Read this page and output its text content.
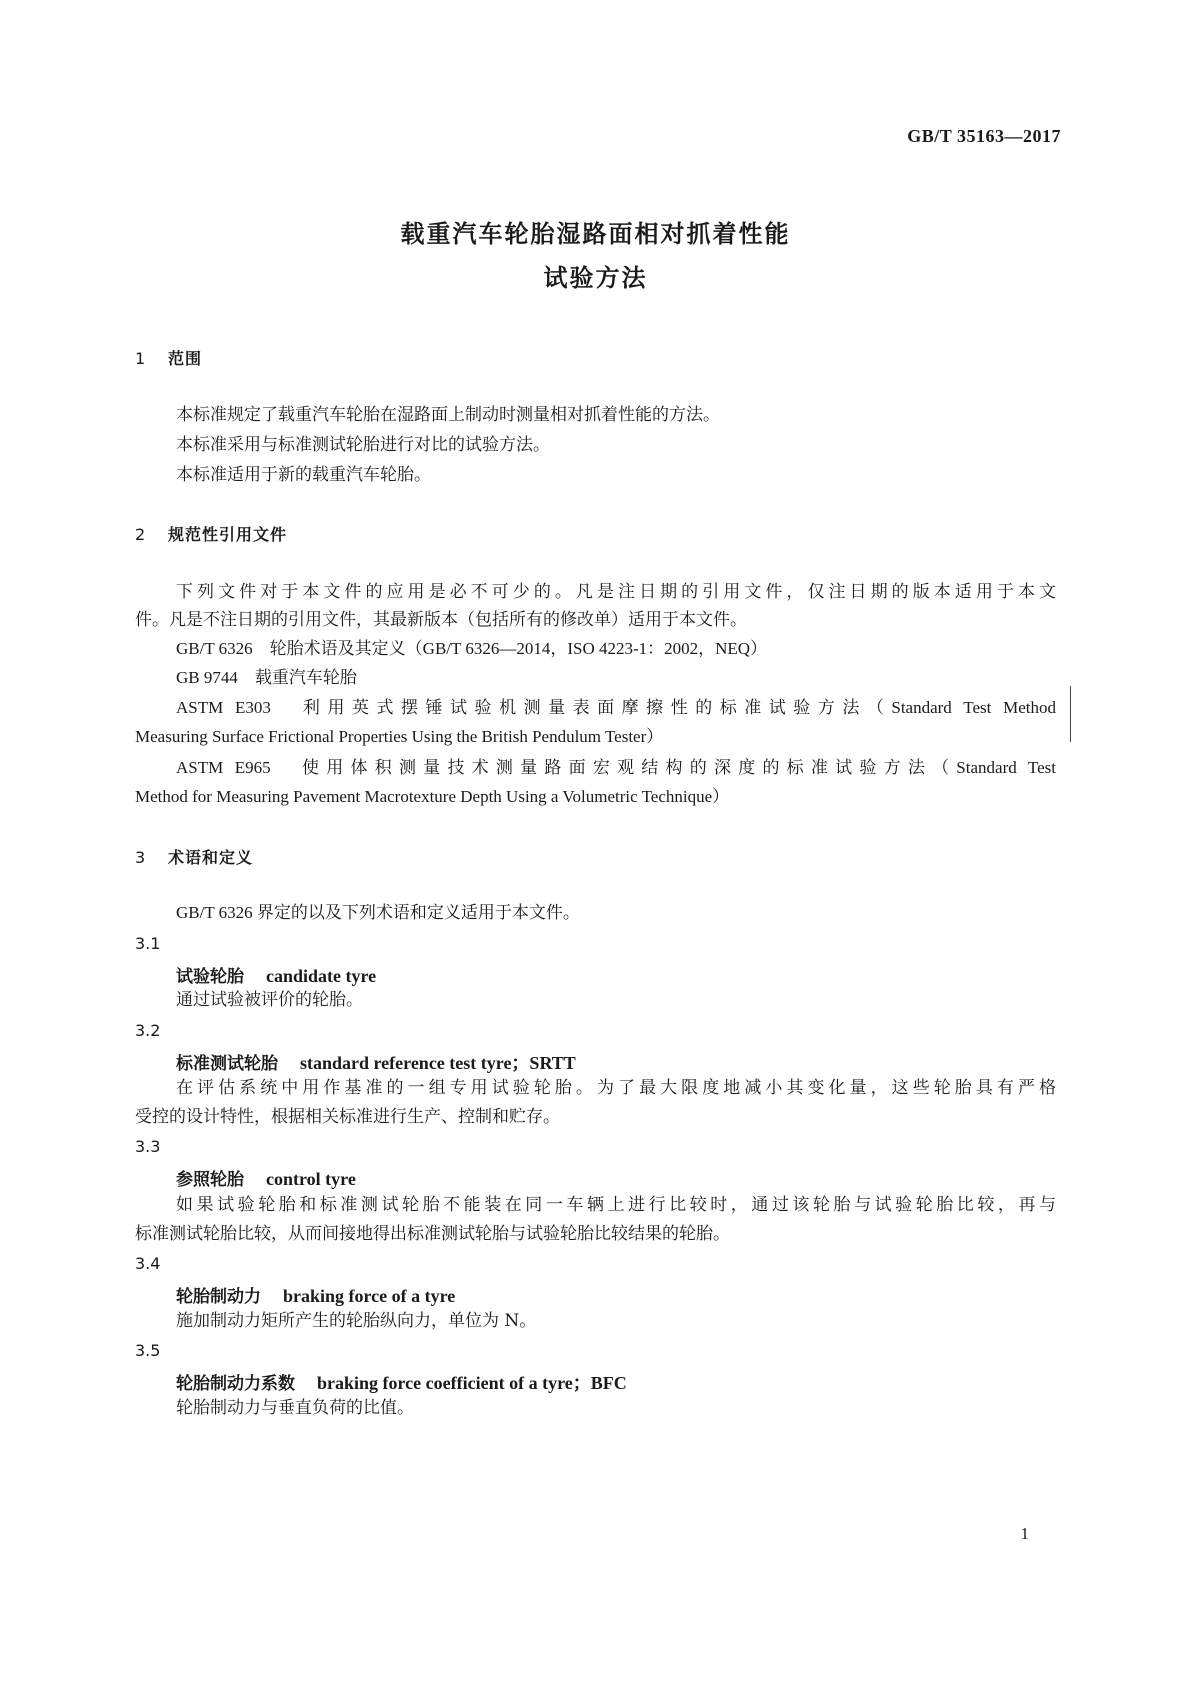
GB/T 35163—2017
载重汽车轮胎湿路面相对抓着性能
试验方法
1 范围
本标准规定了载重汽车轮胎在湿路面上制动时测量相对抓着性能的方法。
本标准采用与标准测试轮胎进行对比的试验方法。
本标准适用于新的载重汽车轮胎。
2 规范性引用文件
下列文件对于本文件的应用是必不可少的。凡是注日期的引用文件，仅注日期的版本适用于本文
件。凡是不注日期的引用文件，其最新版本（包括所有的修改单）适用于本文件。
GB/T 6326　轮胎术语及其定义（GB/T 6326—2014，ISO 4223-1：2002，NEQ）
GB 9744　载重汽车轮胎
ASTM E303　利用英式摆锤试验机测量表面摩擦性的标准试验方法（Standard Test Method
Measuring Surface Frictional Properties Using the British Pendulum Tester）
ASTM E965　使用体积测量技术测量路面宏观结构的深度的标准试验方法（Standard Test
Method for Measuring Pavement Macrotexture Depth Using a Volumetric Technique）
3 术语和定义
GB/T 6326 界定的以及下列术语和定义适用于本文件。
3.1
试验轮胎 candidate tyre
通过试验被评价的轮胎。
3.2
标准测试轮胎 standard reference test tyre；SRTT
在评估系统中用作基准的一组专用试验轮胎。为了最大限度地减小其变化量，这些轮胎具有严格
受控的设计特性，根据相关标准进行生产、控制和贮存。
3.3
参照轮胎 control tyre
如果试验轮胎和标准测试轮胎不能装在同一车辆上进行比较时，通过该轮胎与试验轮胎比较，再与
标准测试轮胎比较，从而间接地得出标准测试轮胎与试验轮胎比较结果的轮胎。
3.4
轮胎制动力 braking force of a tyre
施加制动力矩所产生的轮胎纵向力，单位为 N。
3.5
轮胎制动力系数 braking force coefficient of a tyre；BFC
轮胎制动力与垂直负荷的比值。
1
